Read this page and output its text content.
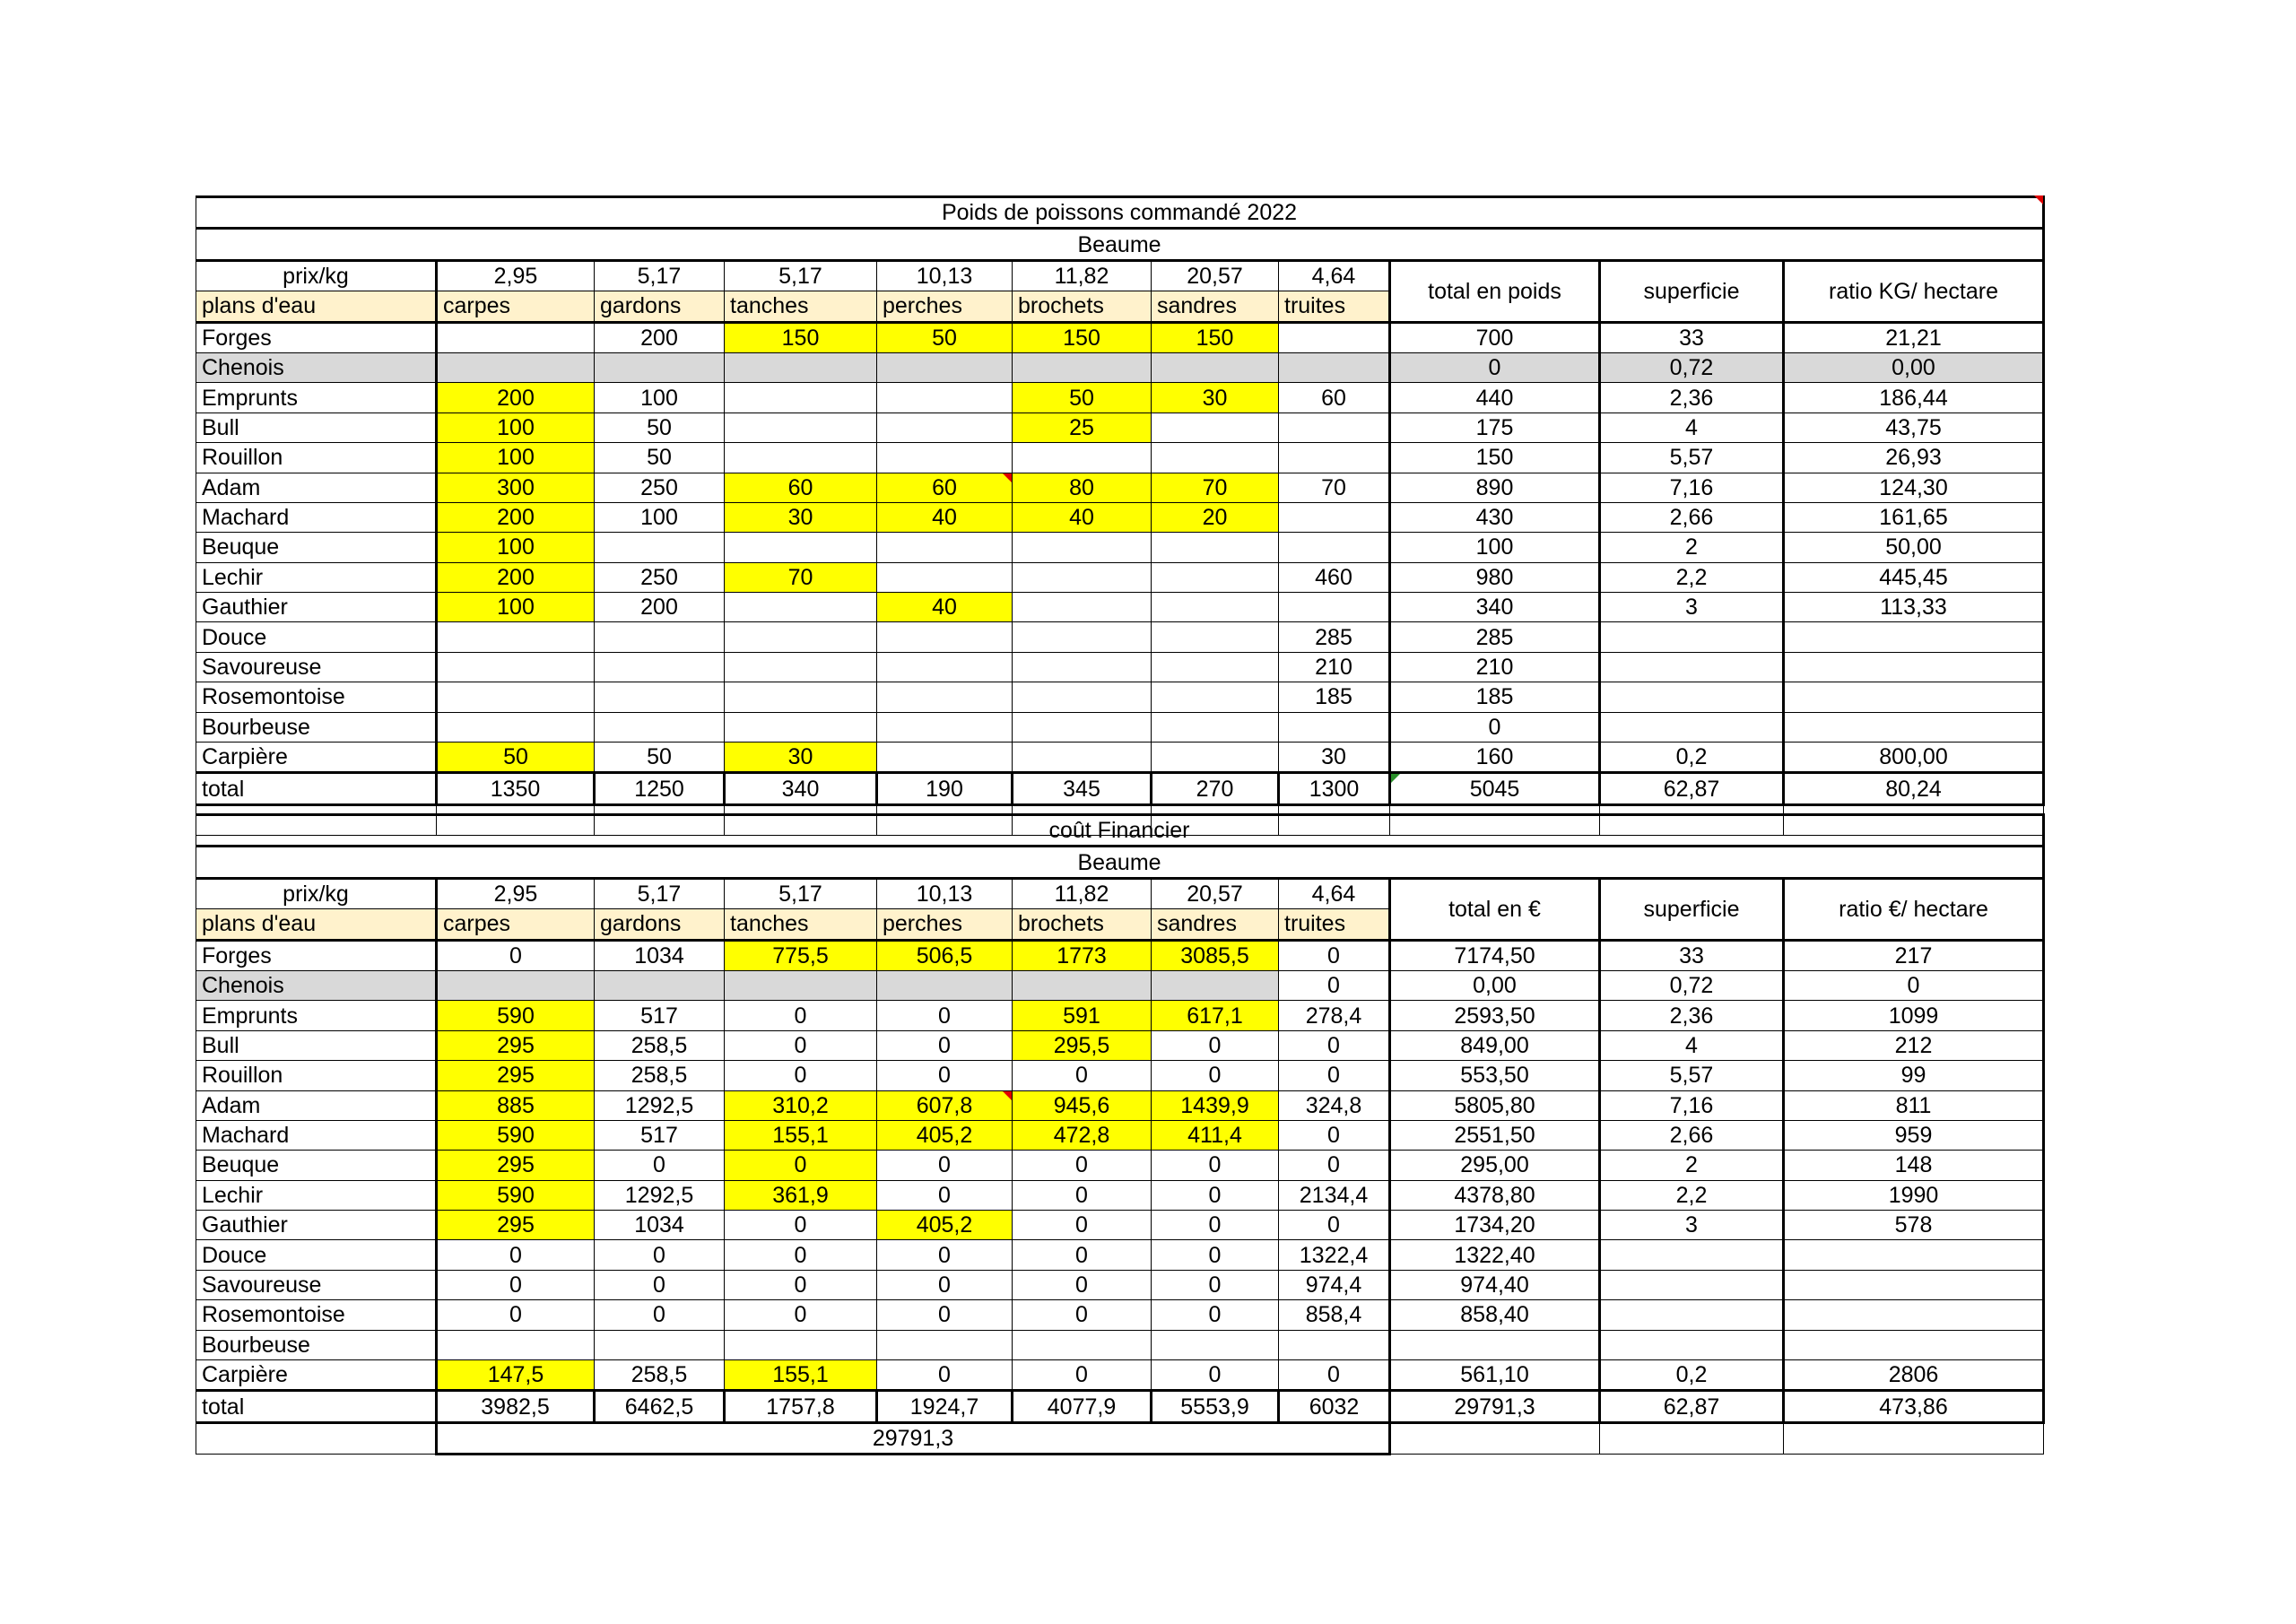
Poids de poissons commandé 2022										
Beaume										
prix/kg	2,95	5,17	5,17	10,13	11,82	20,57	4,64	total en poids	superficie	ratio KG/ hectare
plans d'eau	carpes	gardons	tanches	perches	brochets	sandres	truites			
Forges		200	150	50	150	150		700	33	21,21
Chenois								0	0,72	0,00
Emprunts	200	100			50	30	60	440	2,36	186,44
Bull	100	50			25			175	4	43,75
Rouillon	100	50						150	5,57	26,93
Adam	300	250	60	60	80	70	70	890	7,16	124,30
Machard	200	100	30	40	40	20		430	2,66	161,65
Beuque	100							100	2	50,00
Lechir	200	250	70				460	980	2,2	445,45
Gauthier	100	200		40				340	3	113,33
Douce							285	285		
Savoureuse							210	210		
Rosemontoise							185	185		
Bourbeuse								0		
Carpière	50	50	30				30	160	0,2	800,00
total	1350	1250	340	190	345	270	1300	5045	62,87	80,24

coût Financier										
Beaume										
prix/kg	2,95	5,17	5,17	10,13	11,82	20,57	4,64	total en €	superficie	ratio €/ hectare
plans d'eau	carpes	gardons	tanches	perches	brochets	sandres	truites			
Forges	0	1034	775,5	506,5	1773	3085,5	0	7174,50	33	217
Chenois							0	0,00	0,72	0
Emprunts	590	517	0	0	591	617,1	278,4	2593,50	2,36	1099
Bull	295	258,5	0	0	295,5	0	0	849,00	4	212
Rouillon	295	258,5	0	0	0	0	0	553,50	5,57	99
Adam	885	1292,5	310,2	607,8	945,6	1439,9	324,8	5805,80	7,16	811
Machard	590	517	155,1	405,2	472,8	411,4	0	2551,50	2,66	959
Beuque	295	0	0	0	0	0	0	295,00	2	148
Lechir	590	1292,5	361,9	0	0	0	2134,4	4378,80	2,2	1990
Gauthier	295	1034	0	405,2	0	0	0	1734,20	3	578
Douce	0	0	0	0	0	0	1322,4	1322,40		
Savoureuse	0	0	0	0	0	0	974,4	974,40		
Rosemontoise	0	0	0	0	0	0	858,4	858,40		
Bourbeuse										
Carpière	147,5	258,5	155,1	0	0	0	0	561,10	0,2	2806
total	3982,5	6462,5	1757,8	1924,7	4077,9	5553,9	6032	29791,3	62,87	473,86
	29791,3									
